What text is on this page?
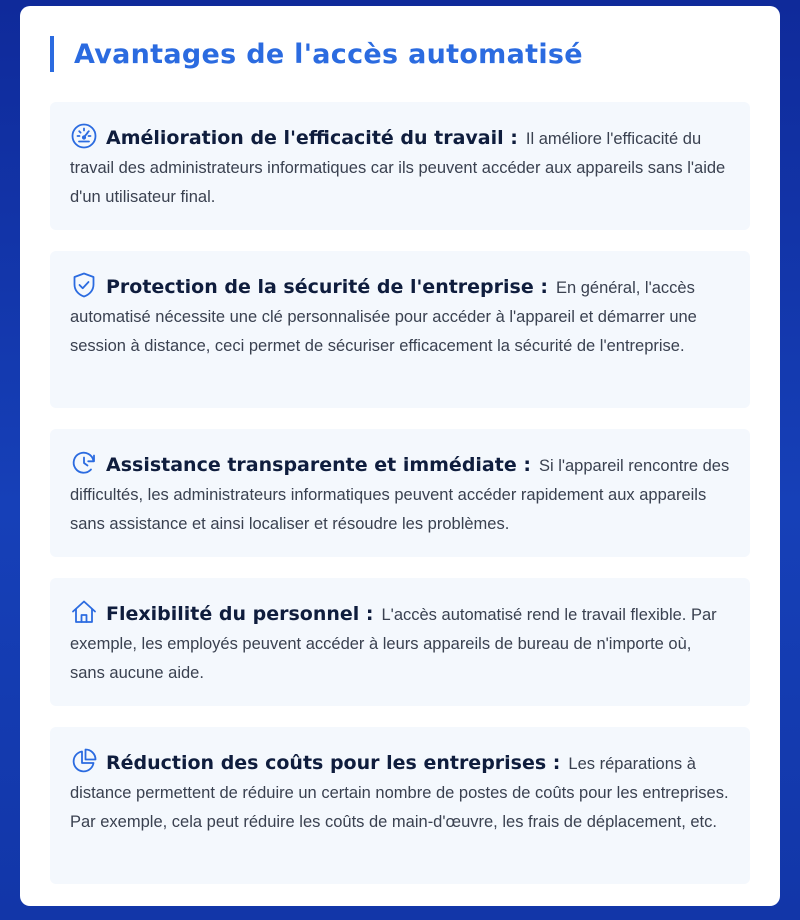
Avantages de l'accès automatisé

Amélioration de l'efficacité du travail : Il améliore l'efficacité du travail des administrateurs informatiques car ils peuvent accéder aux appareils sans l'aide d'un utilisateur final.

Protection de la sécurité de l'entreprise : En général, l'accès automatisé nécessite une clé personnalisée pour accéder à l'appareil et démarrer une session à distance, ceci permet de sécuriser efficacement la sécurité de l'entreprise.

Assistance transparente et immédiate : Si l'appareil rencontre des difficultés, les administrateurs informatiques peuvent accéder rapidement aux appareils sans assistance et ainsi localiser et résoudre les problèmes.

Flexibilité du personnel : L'accès automatisé rend le travail flexible. Par exemple, les employés peuvent accéder à leurs appareils de bureau de n'importe où, sans aucune aide.

Réduction des coûts pour les entreprises : Les réparations à distance permettent de réduire un certain nombre de postes de coûts pour les entreprises. Par exemple, cela peut réduire les coûts de main-d'œuvre, les frais de déplacement, etc.
